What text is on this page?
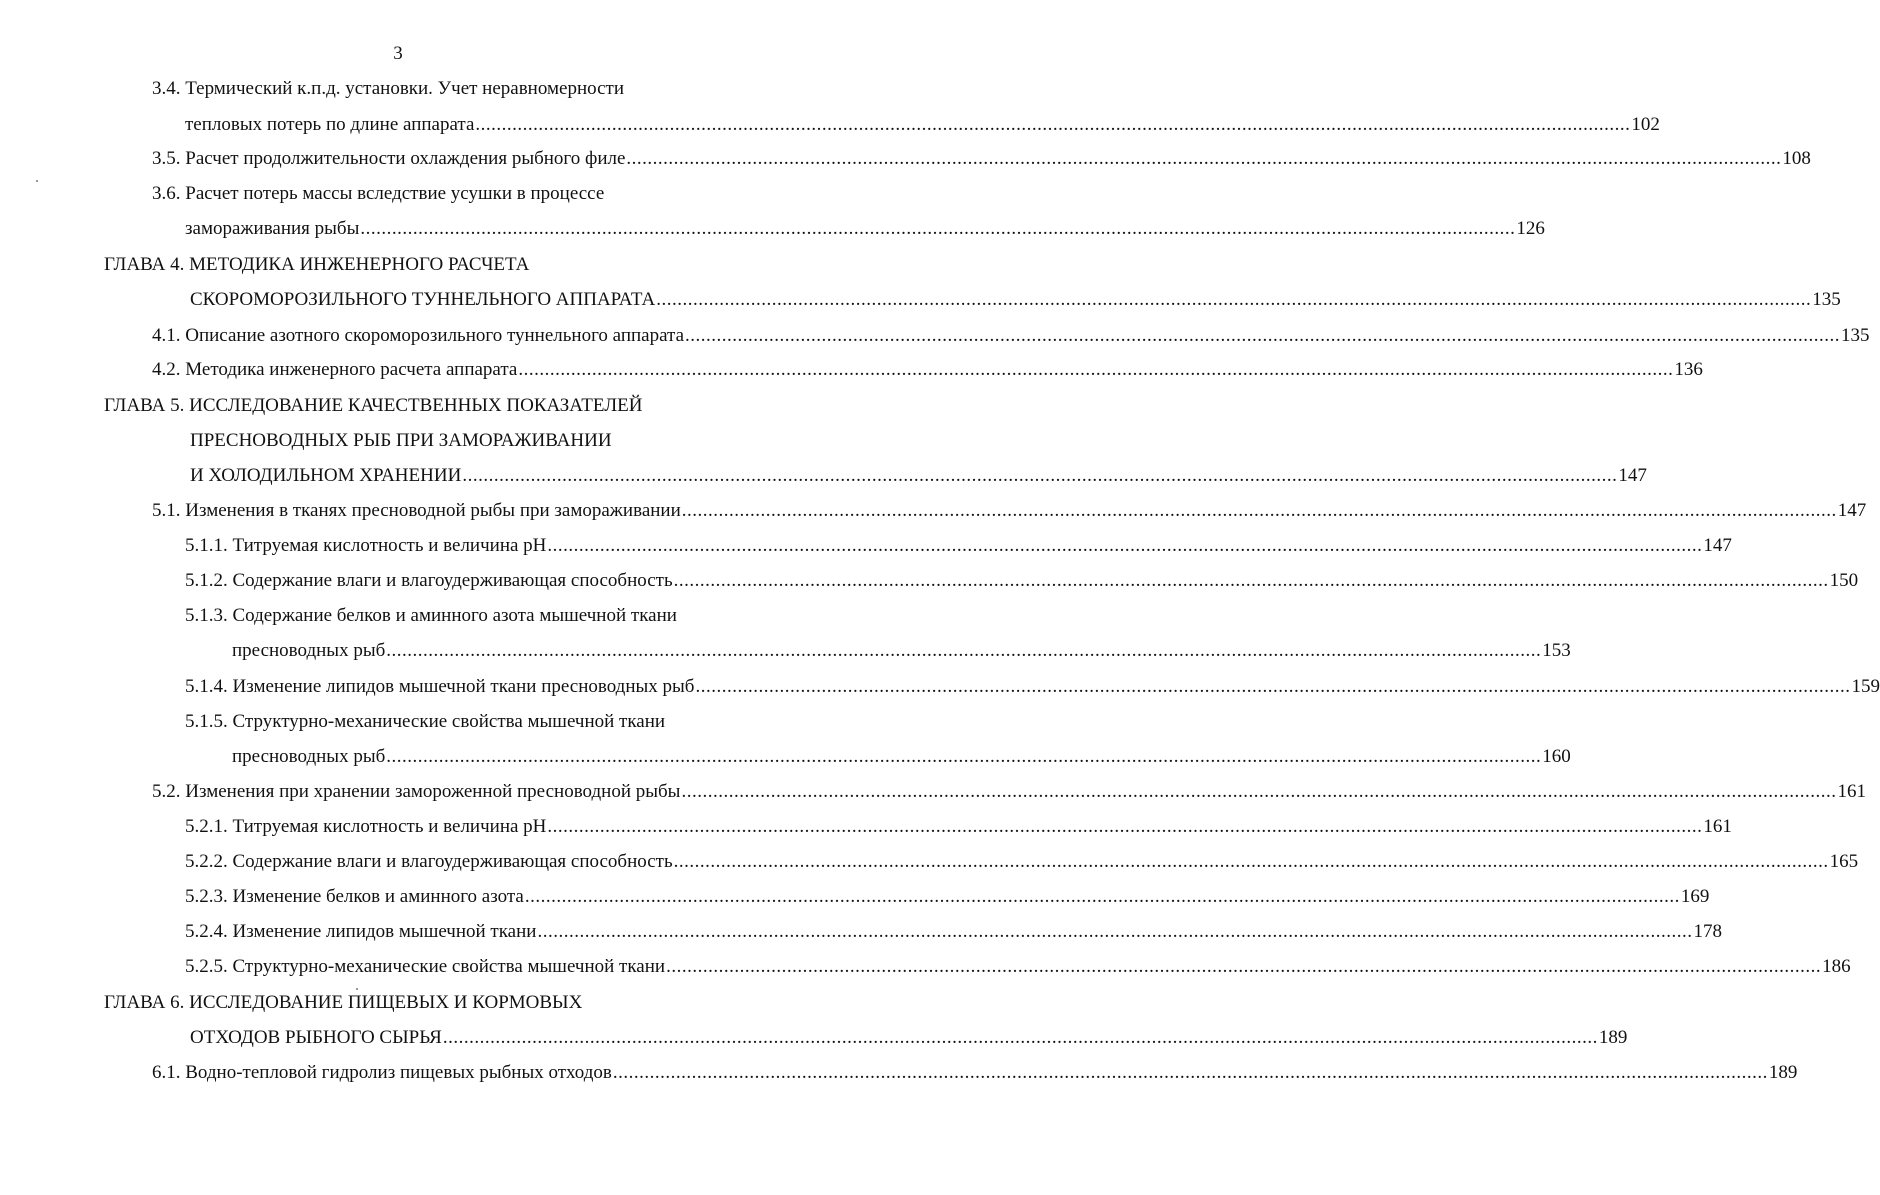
3
3.4. Термический к.п.д. установки. Учет неравномерности
тепловых потерь по длине аппарата ............................................................................................................................................................................................................................ 102
3.5. Расчет продолжительности охлаждения рыбного филе ............................................................................................................................................................................................................................ 108
3.6. Расчет потерь массы вследствие усушки в процессе
замораживания рыбы ............................................................................................................................................................................................................................ 126
ГЛАВА 4. МЕТОДИКА ИНЖЕНЕРНОГО РАСЧЕТА
СКОРОМОРОЗИЛЬНОГО ТУННЕЛЬНОГО АППАРАТА ............................................................................................................................................................................................................................ 135
4.1. Описание азотного скороморозильного туннельного аппарата ............................................................................................................................................................................................................................ 135
4.2. Методика инженерного расчета аппарата ............................................................................................................................................................................................................................ 136
ГЛАВА 5. ИССЛЕДОВАНИЕ КАЧЕСТВЕННЫХ ПОКАЗАТЕЛЕЙ
ПРЕСНОВОДНЫХ РЫБ ПРИ ЗАМОРАЖИВАНИИ
И ХОЛОДИЛЬНОМ ХРАНЕНИИ ............................................................................................................................................................................................................................ 147
5.1. Изменения в тканях пресноводной рыбы при замораживании ............................................................................................................................................................................................................................ 147
5.1.1. Титруемая кислотность и величина рН ............................................................................................................................................................................................................................ 147
5.1.2. Содержание влаги и влагоудерживающая способность ............................................................................................................................................................................................................................ 150
5.1.3. Содержание белков и аминного азота мышечной ткани
пресноводных рыб ............................................................................................................................................................................................................................ 153
5.1.4. Изменение липидов мышечной ткани пресноводных рыб ............................................................................................................................................................................................................................ 159
5.1.5. Структурно-механические свойства мышечной ткани
пресноводных рыб ............................................................................................................................................................................................................................ 160
5.2. Изменения при хранении замороженной пресноводной рыбы ............................................................................................................................................................................................................................ 161
5.2.1. Титруемая кислотность и величина рН ............................................................................................................................................................................................................................ 161
5.2.2. Содержание влаги и влагоудерживающая способность ............................................................................................................................................................................................................................ 165
5.2.3. Изменение белков и аминного азота ............................................................................................................................................................................................................................ 169
5.2.4. Изменение липидов мышечной ткани ............................................................................................................................................................................................................................ 178
5.2.5. Структурно-механические свойства мышечной ткани ............................................................................................................................................................................................................................ 186
ГЛАВА 6. ИССЛЕДОВАНИЕ ПИЩЕВЫХ И КОРМОВЫХ
ОТХОДОВ РЫБНОГО СЫРЬЯ ............................................................................................................................................................................................................................ 189
6.1. Водно-тепловой гидролиз пищевых рыбных отходов ............................................................................................................................................................................................................................ 189
